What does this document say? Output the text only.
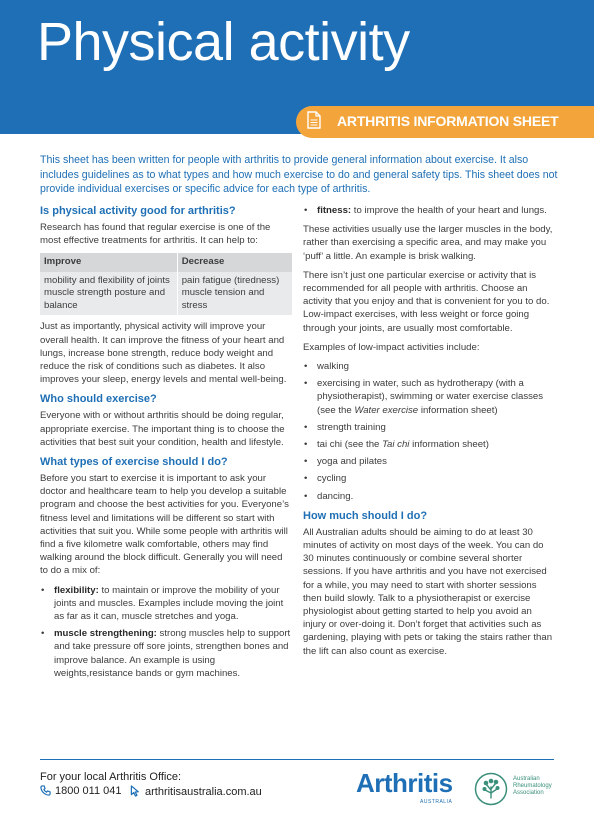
Physical activity
ARTHRITIS INFORMATION SHEET
This sheet has been written for people with arthritis to provide general information about exercise. It also includes guidelines as to what types and how much exercise to do and general safety tips. This sheet does not provide individual exercises or specific advice for each type of arthritis.
Is physical activity good for arthritis?

Research has found that regular exercise is one of the most effective treatments for arthritis. It can help to:

Improve	Decrease
mobility and flexibility of joints muscle strength posture and balance	pain fatigue (tiredness) muscle tension and stress

Just as importantly, physical activity will improve your overall health. It can improve the fitness of your heart and lungs, increase bone strength, reduce body weight and reduce the risk of conditions such as diabetes. It also improves your sleep, energy levels and mental well-being.

Who should exercise?

Everyone with or without arthritis should be doing regular, appropriate exercise. The important thing is to choose the activities that best suit your condition, health and lifestyle.

What types of exercise should I do?

Before you start to exercise it is important to ask your doctor and healthcare team to help you develop a suitable program and choose the best activities for you. Everyone’s fitness level and limitations will be different so start with activities that suit you. While some people with arthritis will find a five kilometre walk comfortable, others may find walking around the block difficult. Generally you will need to do a mix of:

• flexibility: to maintain or improve the mobility of your joints and muscles. Examples include moving the joint as far as it can, muscle stretches and yoga.
• muscle strengthening: strong muscles help to support and take pressure off sore joints, strengthen bones and improve balance. An example is using weights,resistance bands or gym machines.
• fitness: to improve the health of your heart and lungs.

These activities usually use the larger muscles in the body, rather than exercising a specific area, and may make you ‘puff’ a little. An example is brisk walking.

There isn’t just one particular exercise or activity that is recommended for all people with arthritis. Choose an activity that you enjoy and that is convenient for you to do. Low-impact exercises, with less weight or force going through your joints, are usually most comfortable.

Examples of low-impact activities include:

• walking
• exercising in water, such as hydrotherapy (with a physiotherapist), swimming or water exercise classes (see the Water exercise information sheet)
• strength training
• tai chi (see the Tai chi information sheet)
• yoga and pilates
• cycling
• dancing.
How much should I do?

All Australian adults should be aiming to do at least 30 minutes of activity on most days of the week. You can do 30 minutes continuously or combine several shorter sessions. If you have arthritis and you have not exercised for a while, you may need to start with shorter sessions then build slowly. Talk to a physiotherapist or exercise physiologist about getting started to help you avoid an injury or over-doing it. Don’t forget that activities such as gardening, playing with pets or taking the stairs rather than the lift can also count as exercise.

For your local Arthritis Office:
1800 011 041	arthritisaustralia.com.au	Arthritis
AUSTRALIA
Australian Rheumatology Association
